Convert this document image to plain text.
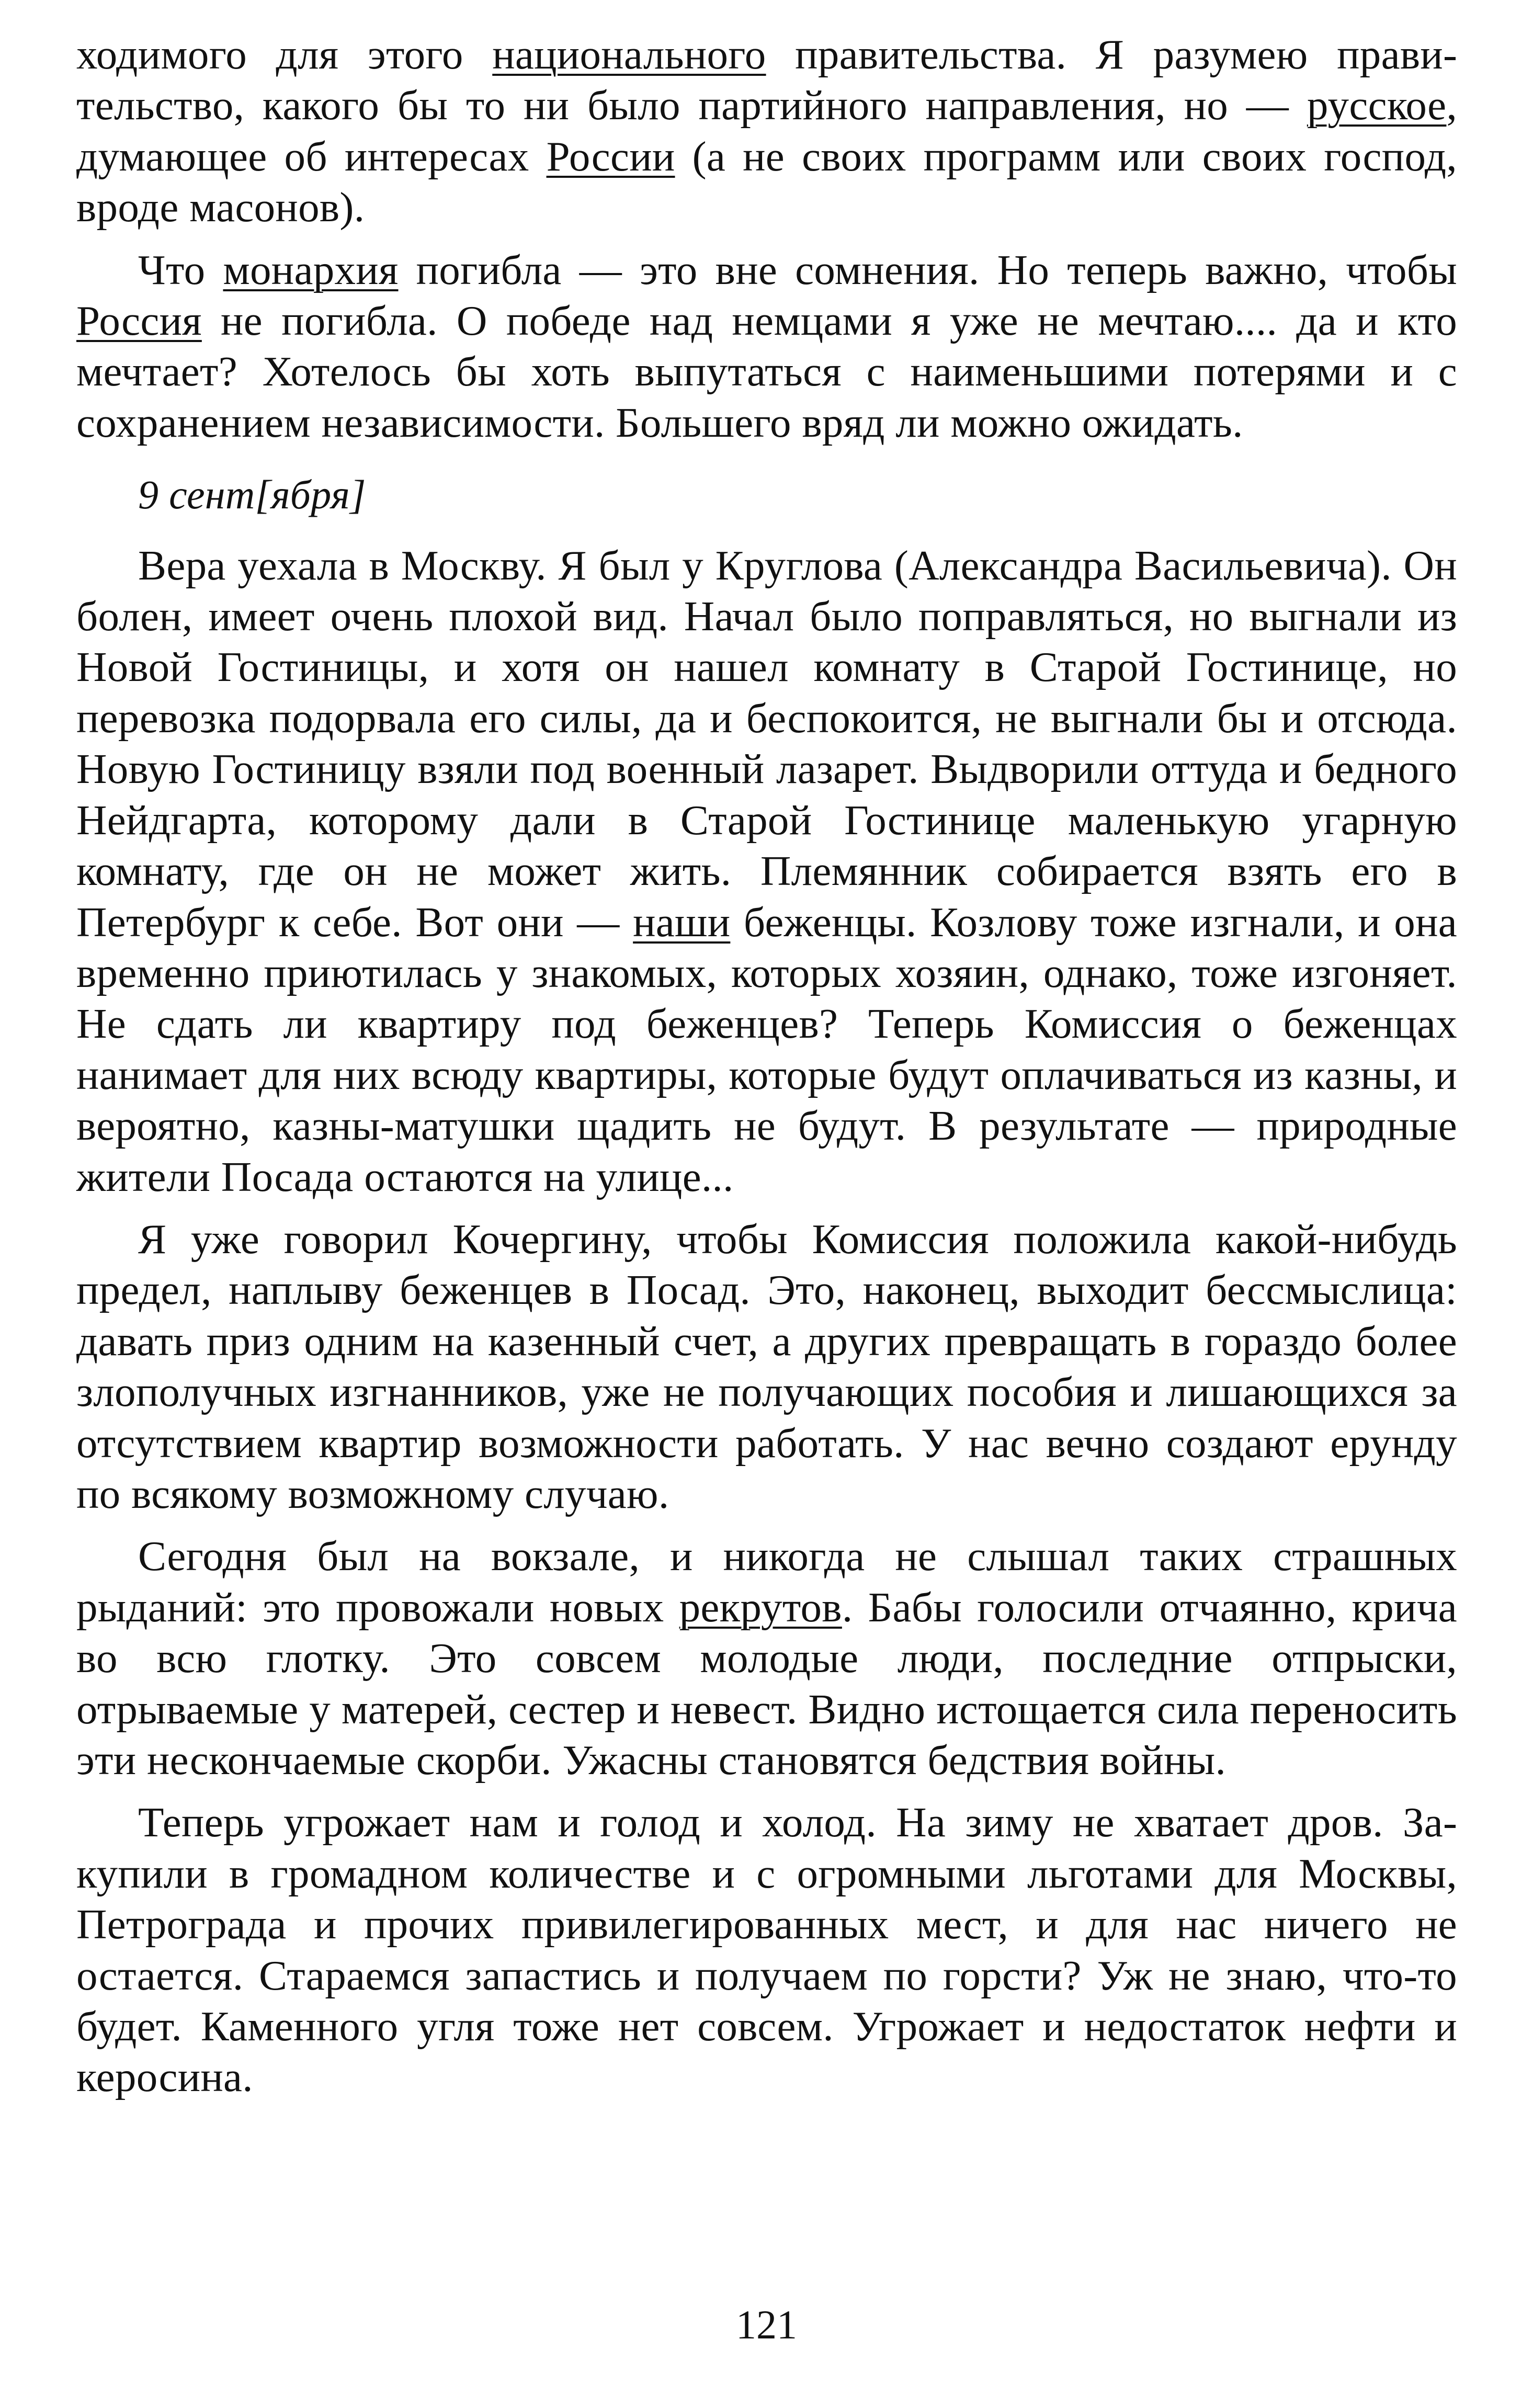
ходимого для этого национального правительства. Я разумею правительство, какого бы то ни было партийного направления, но — русское, думающее об интересах России (а не своих программ или своих господ, вроде масонов).

Что монархия погибла — это вне сомнения. Но теперь важно, чтобы Россия не погибла. О победе над немцами я уже не мечтаю.... да и кто мечтает? Хотелось бы хоть выпутаться с наименьшими потерями и с сохранением независимости. Большего вряд ли можно ожидать.

9 сент[ября]

Вера уехала в Москву. Я был у Круглова (Александра Васильевича). Он болен, имеет очень плохой вид. Начал было поправляться, но выгнали из Новой Гостиницы, и хотя он нашел комнату в Старой Гостинице, но перевозка подорвала его силы, да и беспокоится, не выгнали бы и отсюда. Новую Гостиницу взяли под военный лазарет. Выдворили оттуда и бедного Нейдгарта, которому дали в Старой Гостинице маленькую угарную комнату, где он не может жить. Племянник собирается взять его в Петербург к себе. Вот они — наши беженцы. Козлову тоже изгнали, и она временно приютилась у знакомых, которых хозяин, однако, тоже изгоняет. Не сдать ли квартиру под беженцев? Теперь Комиссия о беженцах нанимает для них всюду квартиры, которые будут оплачиваться из казны, и вероятно, казны-матушки щадить не будут. В результате — природные жители Посада остаются на улице...

Я уже говорил Кочергину, чтобы Комиссия положила какой-нибудь предел, наплыву беженцев в Посад. Это, наконец, выходит бессмыслица: давать приз одним на казенный счет, а других превращать в гораздо более злополучных изгнанников, уже не получающих пособия и лишающихся за отсутствием квартир возможности работать. У нас вечно создают ерунду по всякому возможному случаю.

Сегодня был на вокзале, и никогда не слышал таких страшных рыданий: это провожали новых рекрутов. Бабы голосили отчаянно, крича во всю глотку. Это совсем молодые люди, последние отпрыски, отрываемые у матерей, сестер и невест. Видно истощается сила переносить эти нескончаемые скорби. Ужасны становятся бедствия войны.

Теперь угрожает нам и голод и холод. На зиму не хватает дров. Закупили в громадном количестве и с огромными льготами для Москвы, Петрограда и прочих привилегированных мест, и для нас ничего не остается. Стараемся запастись и получаем по горсти? Уж не знаю, что-то будет. Каменного угля тоже нет совсем. Угрожает и недостаток нефти и керосина.

121
